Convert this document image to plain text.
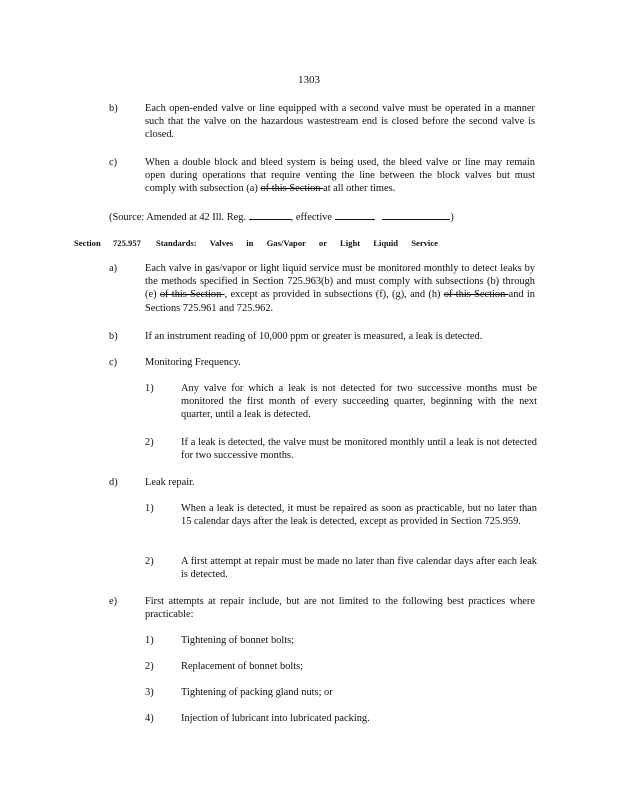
1303
b)	Each open-ended valve or line equipped with a second valve must be operated in a manner such that the valve on the hazardous wastestream end is closed before the second valve is closed.

c)	When a double block and bleed system is being used, the bleed valve or line may remain open during operations that require venting the line between the block valves but must comply with subsection (a) of this Section at all other times.

(Source: Amended at 42 Ill. Reg.	, effective	)
Section 725.957 Standards: Valves in Gas/Vapor or Light Liquid Service
a)	Each valve in gas/vapor or light liquid service must be monitored monthly to detect leaks by the methods specified in Section 725.963(b) and must comply with subsections (b) through (e) of this Section , except as provided in subsections (f), (g), and (h) of this Section and in Sections 725.961 and 725.962.

b)	If an instrument reading of 10,000 ppm or greater is measured, a leak is detected.

c)	Monitoring Frequency.

1)	Any valve for which a leak is not detected for two successive months must be monitored the first month of every succeeding quarter, beginning with the next quarter, until a leak is detected.

2)	If a leak is detected, the valve must be monitored monthly until a leak is not detected for two successive months.

d)	Leak repair.

1)	When a leak is detected, it must be repaired as soon as practicable, but no later than 15 calendar days after the leak is detected, except as provided in Section 725.959.

2)	A first attempt at repair must be made no later than five calendar days after each leak is detected.

e)	First attempts at repair include, but are not limited to the following best practices where practicable:

1)	Tightening of bonnet bolts;

2)	Replacement of bonnet bolts;

3)	Tightening of packing gland nuts; or

4)	Injection of lubricant into lubricated packing.
